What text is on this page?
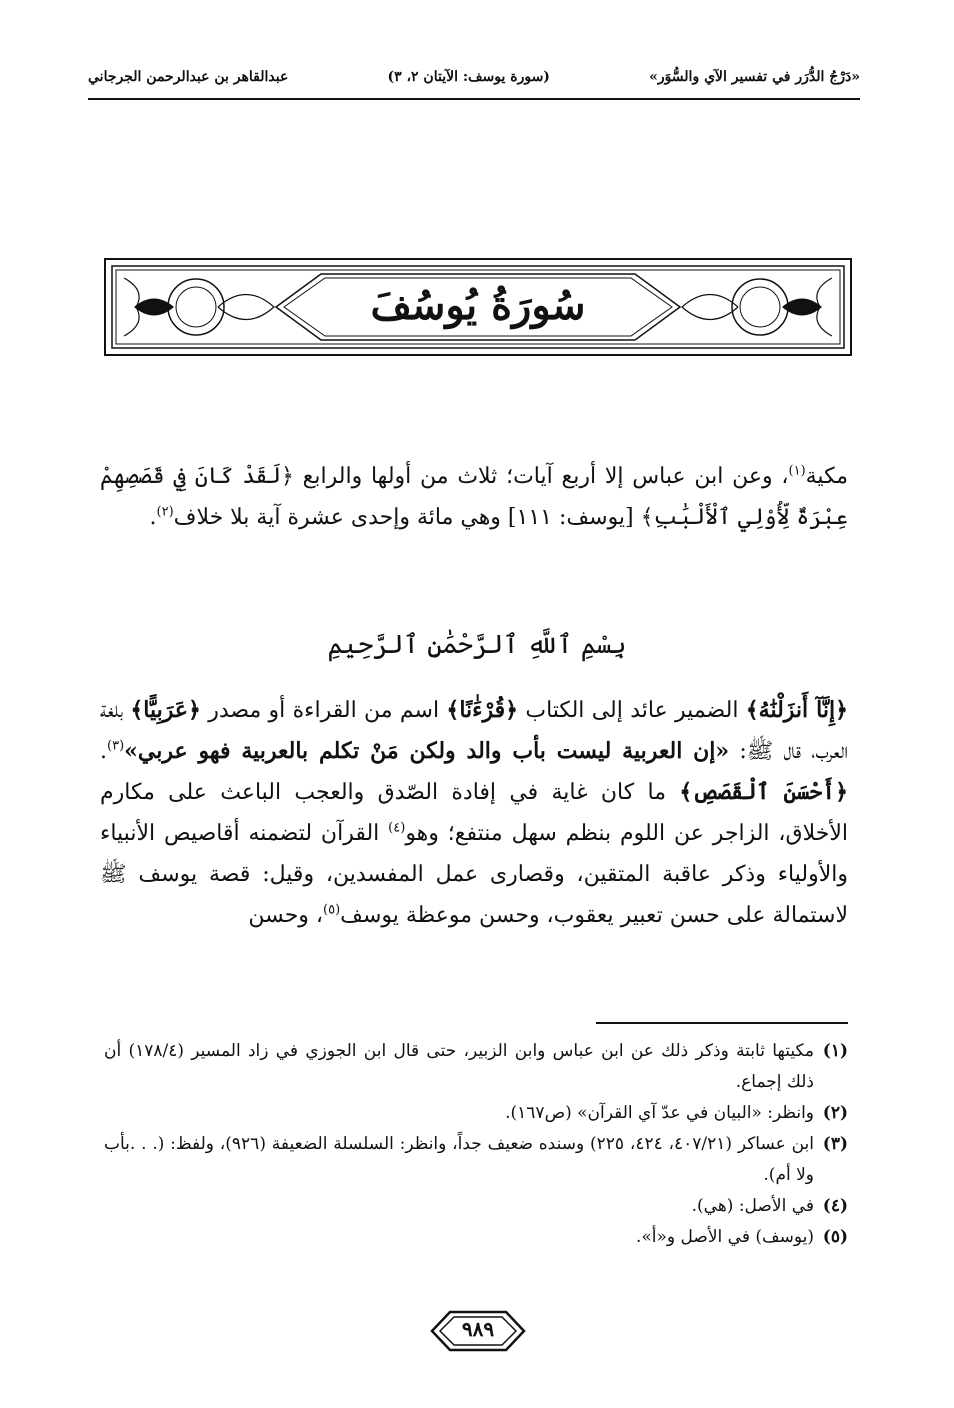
«دَرْجُ الدُّرَر في تفسير الآي والسُّوَر»
(سورة يوسف: الآيتان ٢، ٣)
عبدالقاهر بن عبدالرحمن الجرجاني
سُورَةُ يُوسُفَ
مكية$^{(١)}$، وعن ابن عباس إلا أربع آيات؛ ثلاث من أولها والرابع ﴿لَقَدْ كَانَ فِي قَصَصِهِمْ عِبْرَةٌ لِّأُوْلِي ٱلْأَلْبَٰبِ﴾ [يوسف: ١١١] وهي مائة وإحدى عشرة آية بلا خلاف$^{(٢)}$.
بِسْمِ ٱللَّهِ ٱلرَّحْمَٰنِ ٱلرَّحِيمِ
﴿إِنَّآ أَنزَلْنَٰهُ﴾ الضمير عائد إلى الكتاب ﴿قُرْءَٰنًا﴾ اسم من القراءة أو مصدر ﴿عَرَبِيًّا﴾ بلغة العرب، قال ﷺ: «إن العربية ليست بأب والد ولكن مَنْ تكلم بالعربية فهو عربي»$^{(٣)}$. ﴿أَحْسَنَ ٱلْقَصَصِ﴾ ما كان غاية في إفادة الصّدق والعجب الباعث على مكارم الأخلاق، الزاجر عن اللوم بنظم سهل منتفع؛ وهو$^{(٤)}$ القرآن لتضمنه أقاصيص الأنبياء والأولياء وذكر عاقبة المتقين، وقصارى عمل المفسدين، وقيل: قصة يوسف ﷺ لاستمالة على حسن تعبير يعقوب، وحسن موعظة يوسف$^{(٥)}$، وحسن
(١)
مكيتها ثابتة وذكر ذلك عن ابن عباس وابن الزبير، حتى قال ابن الجوزي في زاد المسير (١٧٨/٤) أن ذلك إجماع.
(٢)
وانظر: «البيان في عدّ آي القرآن» (ص١٦٧).
(٣)
ابن عساكر (٤٠٧/٢١، ٤٢٤، ٢٢٥) وسنده ضعيف جداً، وانظر: السلسلة الضعيفة (٩٢٦)، ولفظ: (. . .بأب ولا أم).
(٤)
في الأصل: (هي).
(٥)
(يوسف) في الأصل و«أ».
٩٨٩
